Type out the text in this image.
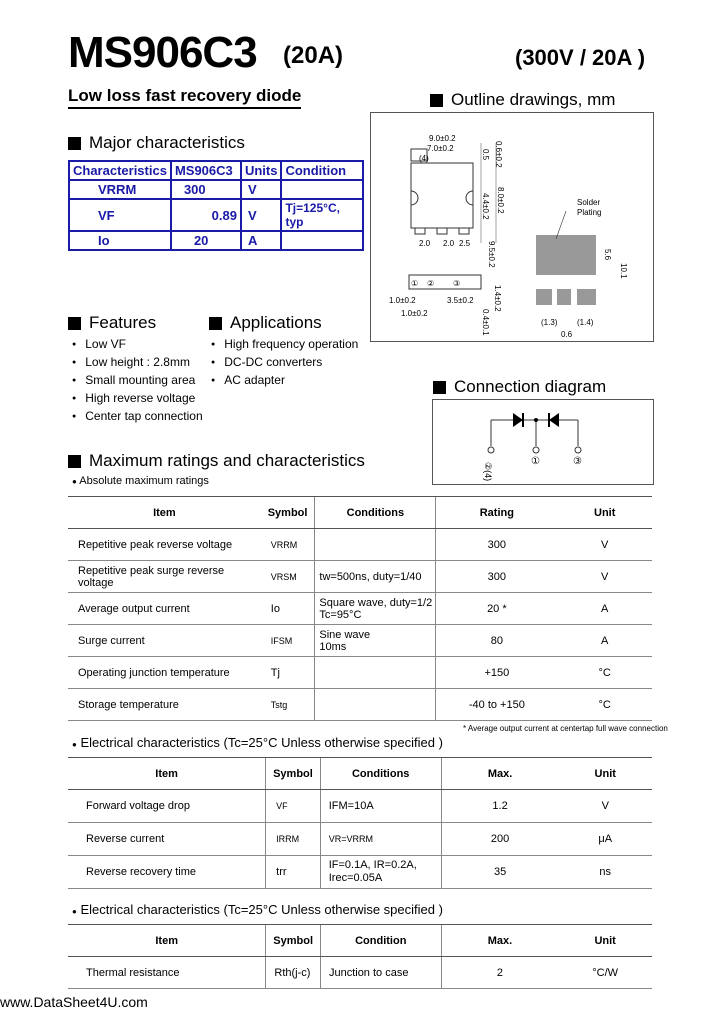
MS906C3 (20A)	(300V / 20A )
Low loss fast recovery diode	Outline drawings, mm
9.0±0.2
7.0±0.2
(4)	0.6±0.2
0.5
4.4±0.2 8.0±0.2
9.5±0.2
2.0 2.0 2.5
① ② ③
1.0±0.2
1.0±0.2
3.5±0.2
0.4±0.1
1.4±0.2
Solder
Plating
5.6
10.1
(1.3) (1.4)
0.6
Major characteristics
Characteristics	MS906C3	Units	Condition
VRRM	300	V	
VF	0.89	V	Tj=125°C, typ
Io	20	A	
Features
● Low VF
● Low height : 2.8mm
● Small mounting area
● High reverse voltage
● Center tap connection
Applications
● High frequency operation
● DC-DC converters
● AC adapter	Connection diagram
②(4)
①	③
Maximum ratings and characteristics
● Absolute maximum ratings
Item	Symbol	Conditions	Rating	Unit
Repetitive peak reverse voltage	VRRM		300	V
Repetitive peak surge reverse voltage	VRSM	tw=500ns, duty=1/40	300	V
Average output current	Io	Square wave, duty=1/2
Tc=95°C	20 *	A
Surge current	IFSM	Sine wave
10ms	80	A
Operating junction temperature	Tj		+150	°C
Storage temperature	Tstg		-40 to +150	°C
* Average output current at centertap full wave connection
● Electrical characteristics (Tc=25°C Unless otherwise specified )
Item	Symbol	Conditions	Max.	Unit
Forward voltage drop	VF	IFM=10A	1.2	V
Reverse current	IRRM	VR=VRRM	200	μA
Reverse recovery time	trr	IF=0.1A, IR=0.2A,
Irec=0.05A	35	ns
● Electrical characteristics (Tc=25°C Unless otherwise specified )
Item	Symbol	Condition	Max.	Unit
Thermal resistance	Rth(j-c)	Junction to case	2	°C/W
www.DataSheet4U.com
